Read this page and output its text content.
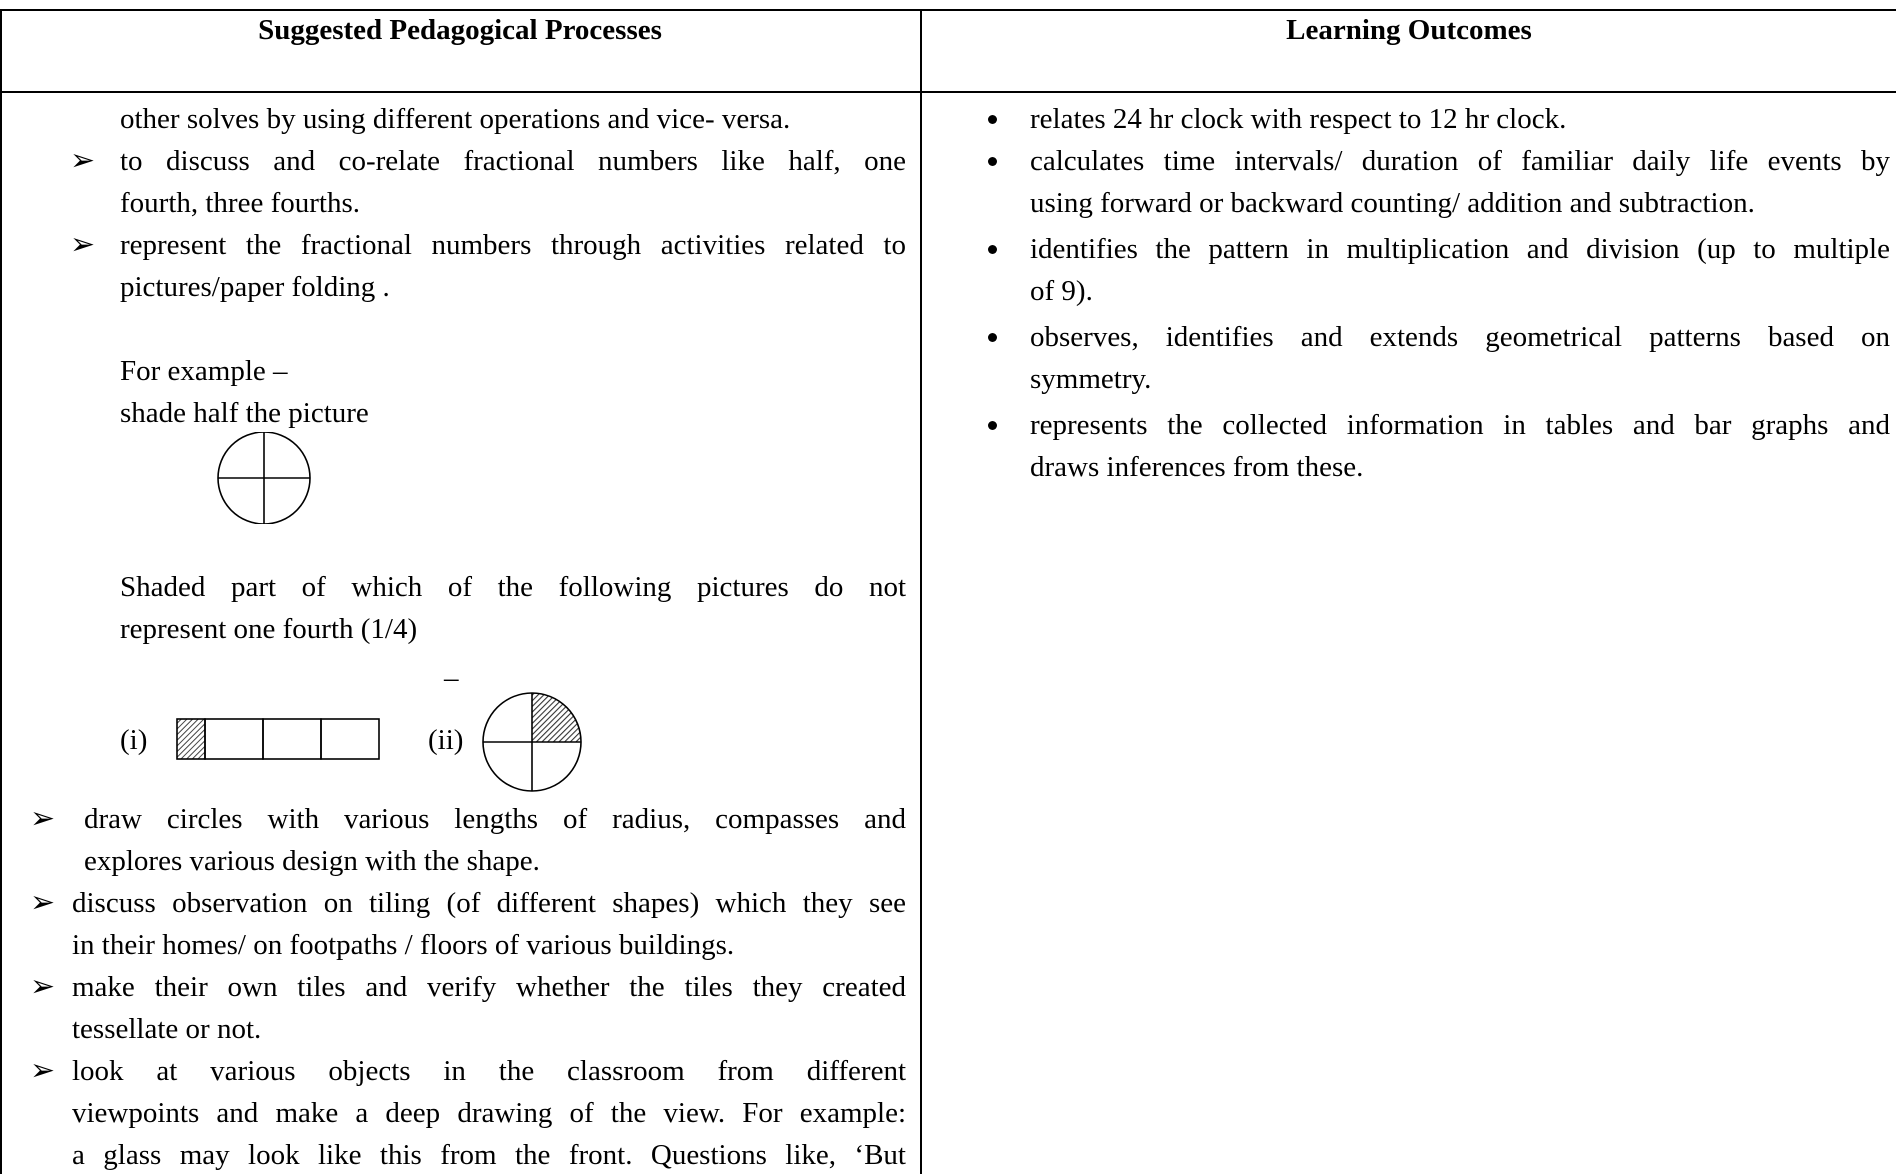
Suggested Pedagogical Processes	Learning Outcomes
other solves by using different operations and vice- versa.
➢ to discuss and co-relate fractional numbers like half, one
fourth, three fourths.
➢ represent the fractional numbers through activities related to
pictures/paper folding .
For example –
shade half the picture
Shaded part of which of the following pictures do not
represent one fourth (1/4)
–
(i)	(ii)
➢ draw circles with various lengths of radius, compasses and
explores various design with the shape.
➢ discuss observation on tiling (of different shapes) which they see
in their homes/ on footpaths / floors of various buildings.
➢ make their own tiles and verify whether the tiles they created
tessellate or not.
➢ look at various objects in the classroom from different
viewpoints and make a deep drawing of the view. For example:
a glass may look like this from the front. Questions like, ‘But
relates 24 hr clock with respect to 12 hr clock.
calculates time intervals/ duration of familiar daily life events by
using forward or backward counting/ addition and subtraction.
identifies the pattern in multiplication and division (up to multiple
of 9).
observes, identifies and extends geometrical patterns based on
symmetry.
represents the collected information in tables and bar graphs and
draws inferences from these.
